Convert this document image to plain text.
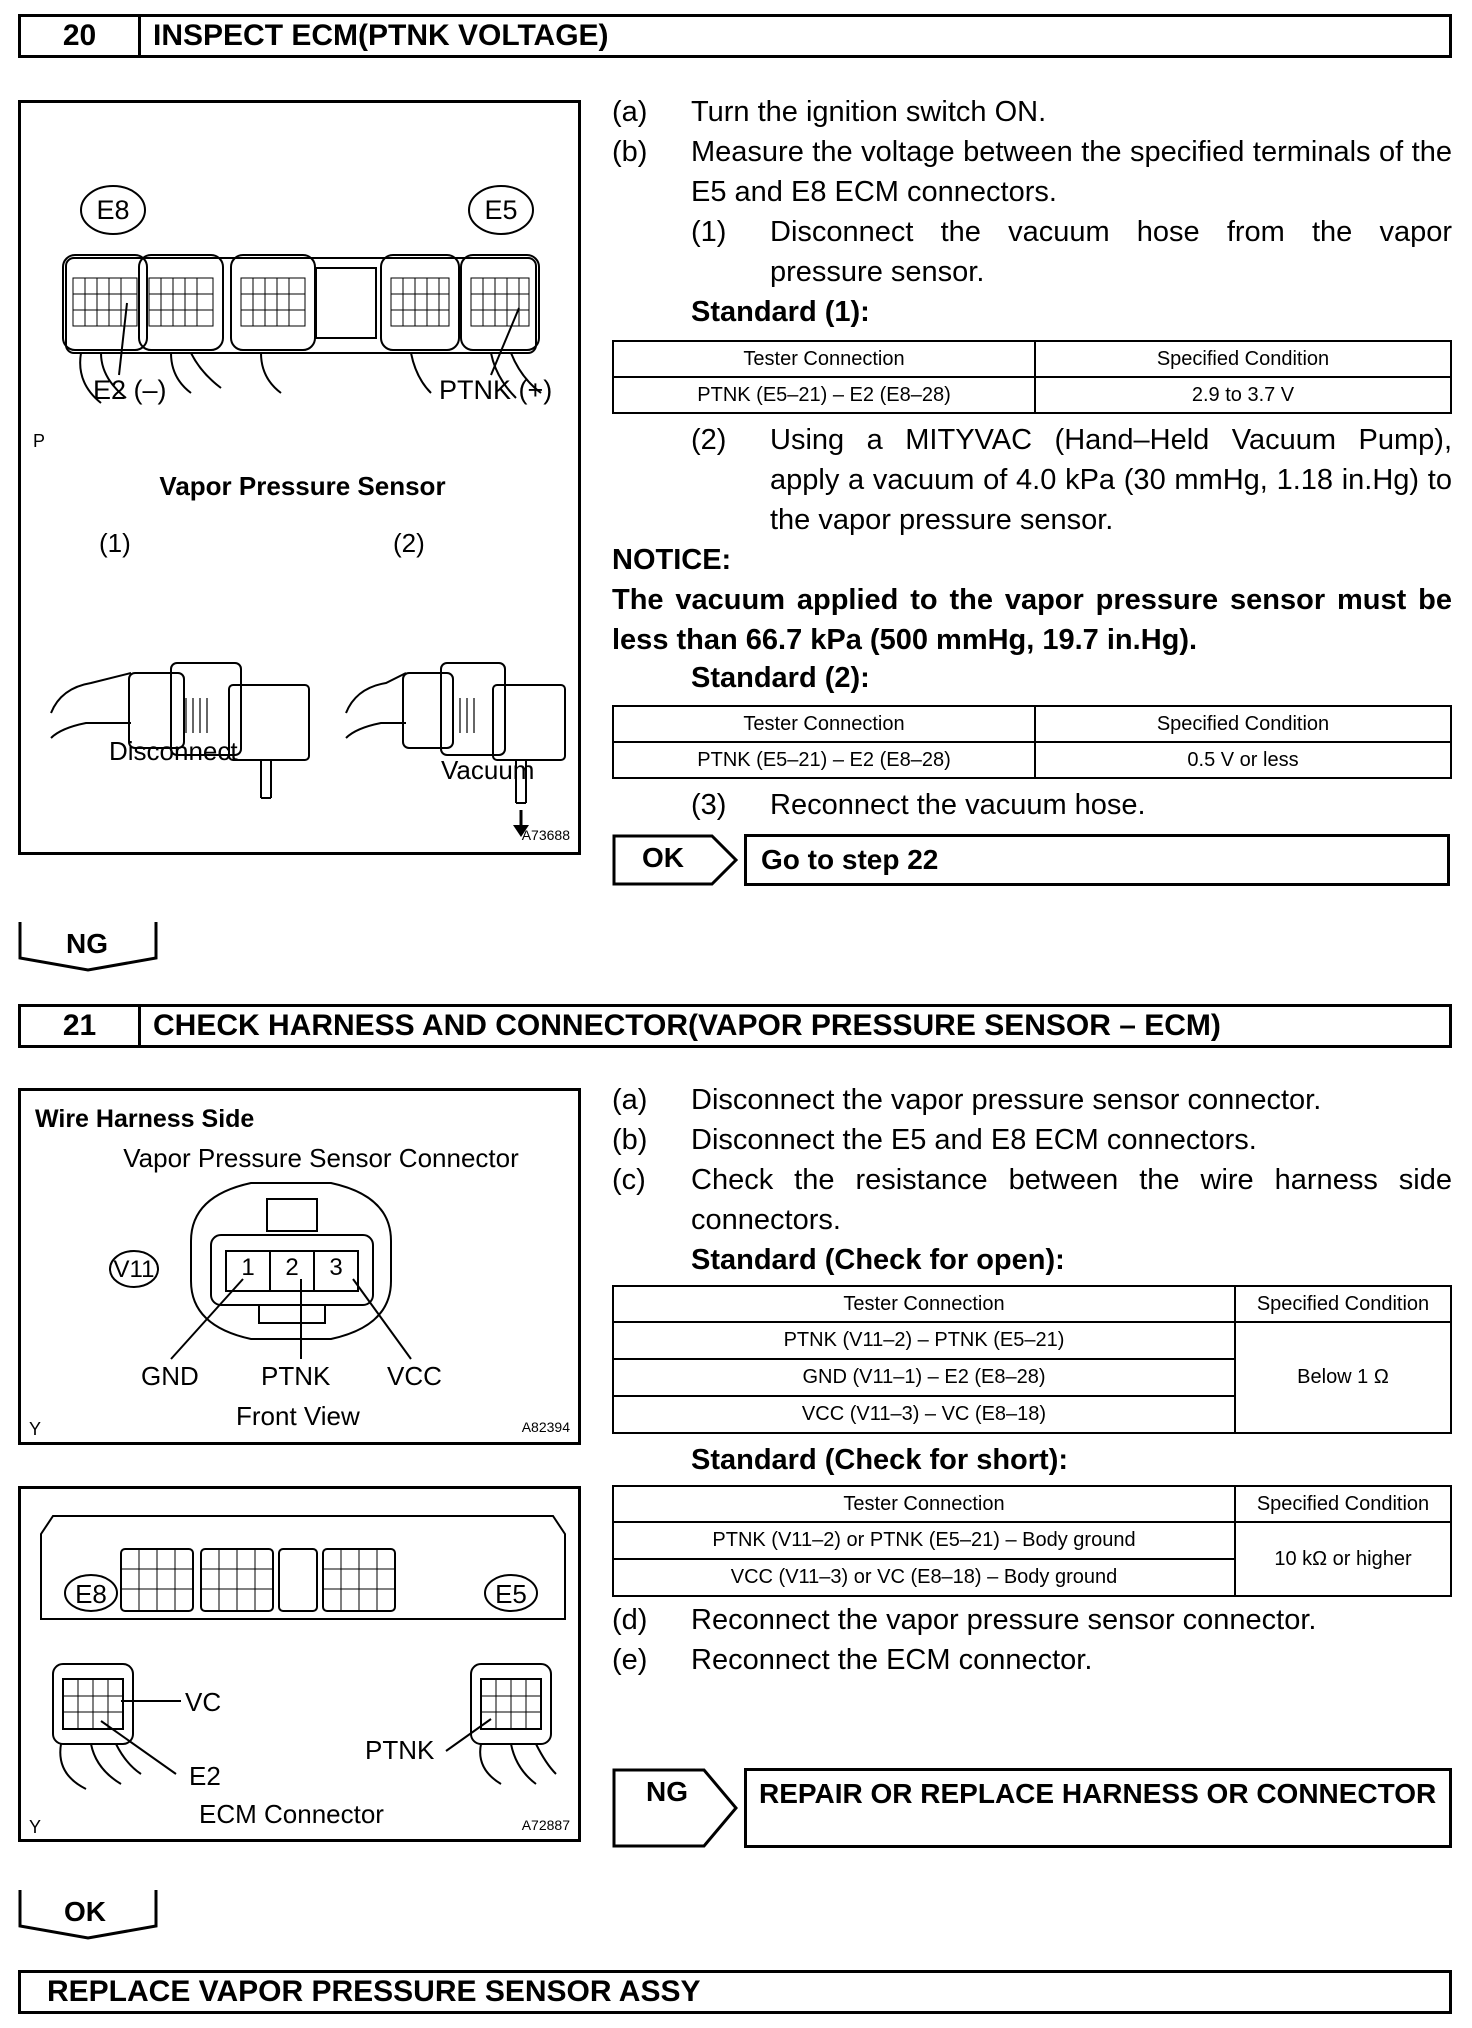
20	INSPECT ECM(PTNK VOLTAGE)
E8	E5
E2 (–)	PTNK (+)
P
Vapor Pressure Sensor
(1)	(2)
Disconnect
Vacuum
A73688
(a)	Turn the ignition switch ON.
(b)	Measure the voltage between the specified terminals of the E5 and E8 ECM connectors.
(1)	Disconnect the vacuum hose from the vapor pressure sensor.
Standard (1):
Tester Connection	Specified Condition
PTNK (E5–21) – E2 (E8–28)	2.9 to 3.7 V
(2)	Using a MITYVAC (Hand–Held Vacuum Pump), apply a vacuum of 4.0 kPa (30 mmHg, 1.18 in.Hg) to the vapor pressure sensor.
NOTICE:
The vacuum applied to the vapor pressure sensor must be less than 66.7 kPa (500 mmHg, 19.7 in.Hg).
Standard (2):
Tester Connection	Specified Condition
PTNK (E5–21) – E2 (E8–28)	0.5 V or less
(3)	Reconnect the vacuum hose.
OK	Go to step 22
NG
21	CHECK HARNESS AND CONNECTOR(VAPOR PRESSURE SENSOR – ECM)
Wire Harness Side
Vapor Pressure Sensor Connector
V11	1	2	3
GND PTNK VCC
Front View
Y	A82394
E8	E5
VC
E2
PTNK
ECM Connector
Y	A72887
(a)	Disconnect the vapor pressure sensor connector.
(b)	Disconnect the E5 and E8 ECM connectors.
(c)	Check the resistance between the wire harness side connectors.
Standard (Check for open):
Tester Connection	Specified Condition
PTNK (V11–2) – PTNK (E5–21)	Below 1 Ω
GND (V11–1) – E2 (E8–28)	
VCC (V11–3) – VC (E8–18)	
Standard (Check for short):
Tester Connection	Specified Condition
PTNK (V11–2) or PTNK (E5–21) – Body ground	10 kΩ or higher
VCC (V11–3) or VC (E8–18) – Body ground	
(d)	Reconnect the vapor pressure sensor connector.
(e)	Reconnect the ECM connector.
NG	REPAIR OR REPLACE HARNESS OR CONNECTOR
OK
REPLACE VAPOR PRESSURE SENSOR ASSY
